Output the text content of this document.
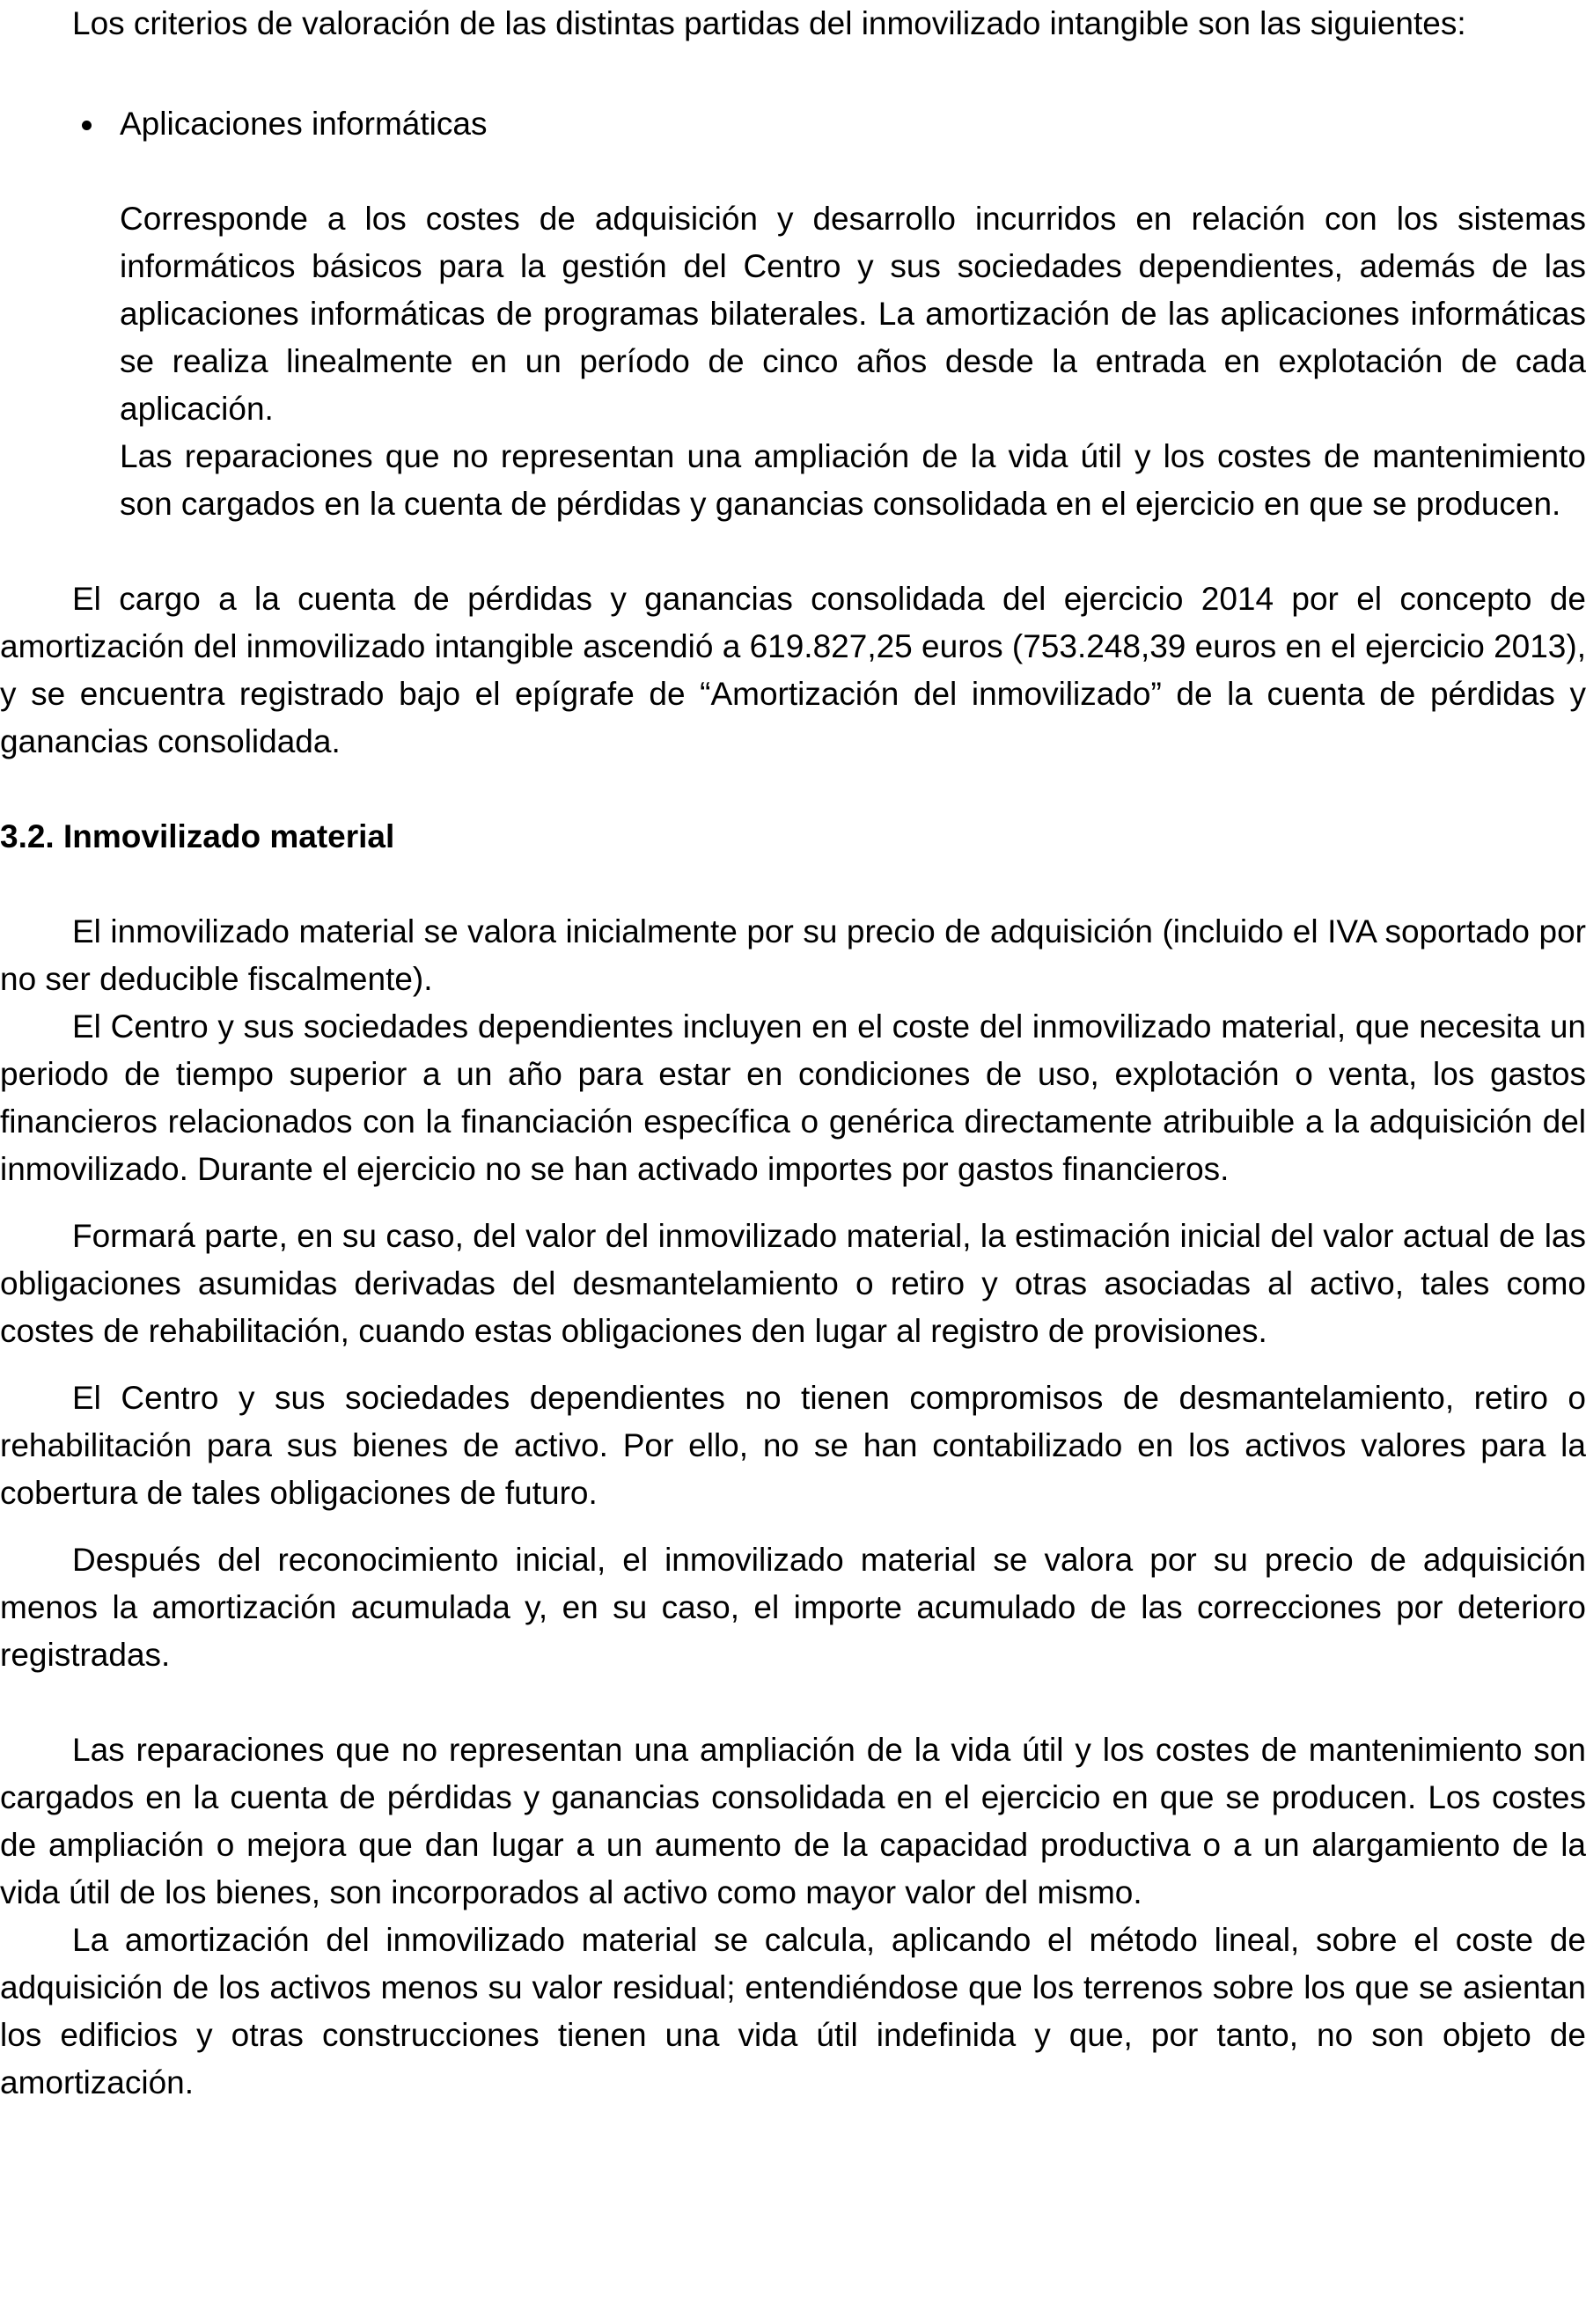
Los criterios de valoración de las distintas partidas del inmovilizado intangible son las siguientes:

Aplicaciones informáticas

Corresponde a los costes de adquisición y desarrollo incurridos en relación con los sistemas informáticos básicos para la gestión del Centro y sus sociedades dependientes, además de las aplicaciones informáticas de programas bilaterales. La amortización de las aplicaciones informáticas se realiza linealmente en un período de cinco años desde la entrada en explotación de cada aplicación.

Las reparaciones que no representan una ampliación de la vida útil y los costes de mantenimiento son cargados en la cuenta de pérdidas y ganancias consolidada en el ejercicio en que se producen.

El cargo a la cuenta de pérdidas y ganancias consolidada del ejercicio 2014 por el concepto de amortización del inmovilizado intangible ascendió a 619.827,25 euros (753.248,39 euros en el ejercicio 2013), y se encuentra registrado bajo el epígrafe de “Amortización del inmovilizado” de la cuenta de pérdidas y ganancias consolidada.

3.2. Inmovilizado material

El inmovilizado material se valora inicialmente por su precio de adquisición (incluido el IVA soportado por no ser deducible fiscalmente).

El Centro y sus sociedades dependientes incluyen en el coste del inmovilizado material, que necesita un periodo de tiempo superior a un año para estar en condiciones de uso, explotación o venta, los gastos financieros relacionados con la financiación específica o genérica directamente atribuible a la adquisición del inmovilizado. Durante el ejercicio no se han activado importes por gastos financieros.

Formará parte, en su caso, del valor del inmovilizado material, la estimación inicial del valor actual de las obligaciones asumidas derivadas del desmantelamiento o retiro y otras asociadas al activo, tales como costes de rehabilitación, cuando estas obligaciones den lugar al registro de provisiones.

El Centro y sus sociedades dependientes no tienen compromisos de desmantelamiento, retiro o rehabilitación para sus bienes de activo. Por ello, no se han contabilizado en los activos valores para la cobertura de tales obligaciones de futuro.

Después del reconocimiento inicial, el inmovilizado material se valora por su precio de adquisición menos la amortización acumulada y, en su caso, el importe acumulado de las correcciones por deterioro registradas.

Las reparaciones que no representan una ampliación de la vida útil y los costes de mantenimiento son cargados en la cuenta de pérdidas y ganancias consolidada en el ejercicio en que se producen. Los costes de ampliación o mejora que dan lugar a un aumento de la capacidad productiva o a un alargamiento de la vida útil de los bienes, son incorporados al activo como mayor valor del mismo.

La amortización del inmovilizado material se calcula, aplicando el método lineal, sobre el coste de adquisición de los activos menos su valor residual; entendiéndose que los terrenos sobre los que se asientan los edificios y otras construcciones tienen una vida útil indefinida y que, por tanto, no son objeto de amortización.
